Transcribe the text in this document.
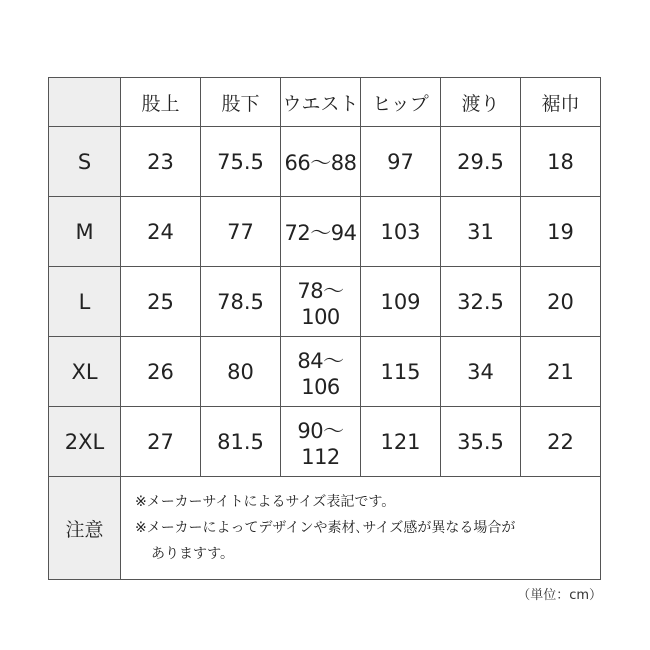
	股上	股下	ウエスト	ヒップ	渡り	裾巾
S	23	75.5	66〜88	97	29.5	18
M	24	77	72〜94	103	31	19
L	25	78.5	78〜100	109	32.5	20
XL	26	80	84〜106	115	34	21
2XL	27	81.5	90〜112	121	35.5	22
注意	※メーカーサイトによるサイズ表記です。
※メーカーによってデザインや素材､サイズ感が異なる場合が
ありますす。					
（単位：cm）
